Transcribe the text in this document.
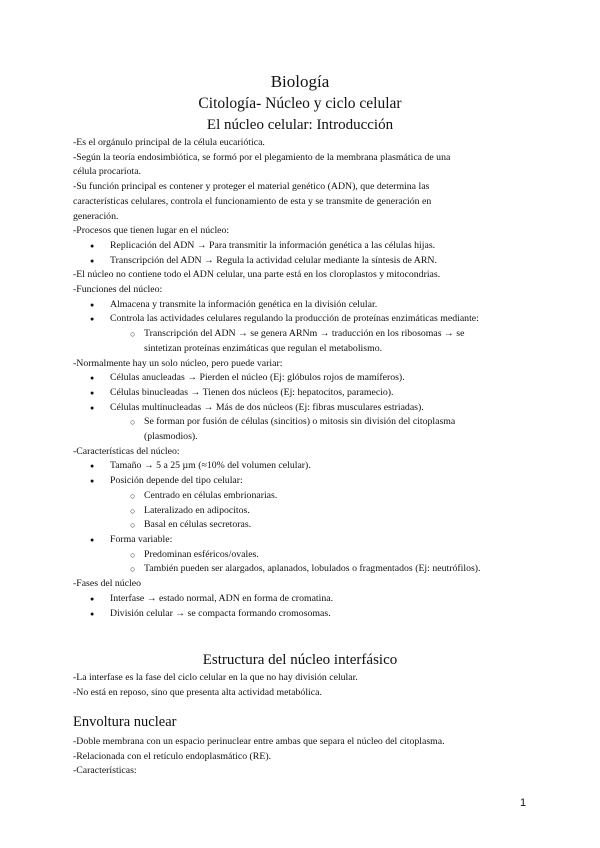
Biología
Citología- Núcleo y ciclo celular
El núcleo celular: Introducción

-Es el orgánulo principal de la célula eucariótica.

-Según la teoría endosimbiótica, se formó por el plegamiento de la membrana plasmática de una

célula procariota.

-Su función principal es contener y proteger el material genético (ADN), que determina las

características celulares, controla el funcionamiento de esta y se transmite de generación en

generación.

-Procesos que tienen lugar en el núcleo:

● Replicación del ADN → Para transmitir la información genética a las células hijas.

● Transcripción del ADN → Regula la actividad celular mediante la síntesis de ARN.

-El núcleo no contiene todo el ADN celular, una parte está en los cloroplastos y mitocondrias.

-Funciones del núcleo:

● Almacena y transmite la información genética en la división celular.

● Controla las actividades celulares regulando la producción de proteínas enzimáticas mediante:

○ Transcripción del ADN → se genera ARNm → traducción en los ribosomas → se

sintetizan proteínas enzimáticas que regulan el metabolismo.

-Normalmente hay un solo núcleo, pero puede variar:

● Células anucleadas → Pierden el núcleo (Ej: glóbulos rojos de mamíferos).

● Células binucleadas → Tienen dos núcleos (Ej: hepatocitos, paramecio).

● Células multinucleadas → Más de dos núcleos (Ej: fibras musculares estriadas).

○ Se forman por fusión de células (sincitios) o mitosis sin división del citoplasma

(plasmodios).

-Características del núcleo:

● Tamaño → 5 a 25 µm (≈10% del volumen celular).

● Posición depende del tipo celular:

○ Centrado en células embrionarias.

○ Lateralizado en adipocitos.

○ Basal en células secretoras.

● Forma variable:

○ Predominan esféricos/ovales.

○ También pueden ser alargados, aplanados, lobulados o fragmentados (Ej: neutrófilos).

-Fases del núcleo

● Interfase → estado normal, ADN en forma de cromatina.

● División celular → se compacta formando cromosomas.

Estructura del núcleo interfásico

-La interfase es la fase del ciclo celular en la que no hay división celular.

-No está en reposo, sino que presenta alta actividad metabólica.

Envoltura nuclear

-Doble membrana con un espacio perinuclear entre ambas que separa el núcleo del citoplasma.

-Relacionada con el retículo endoplasmático (RE).

-Características:

1
